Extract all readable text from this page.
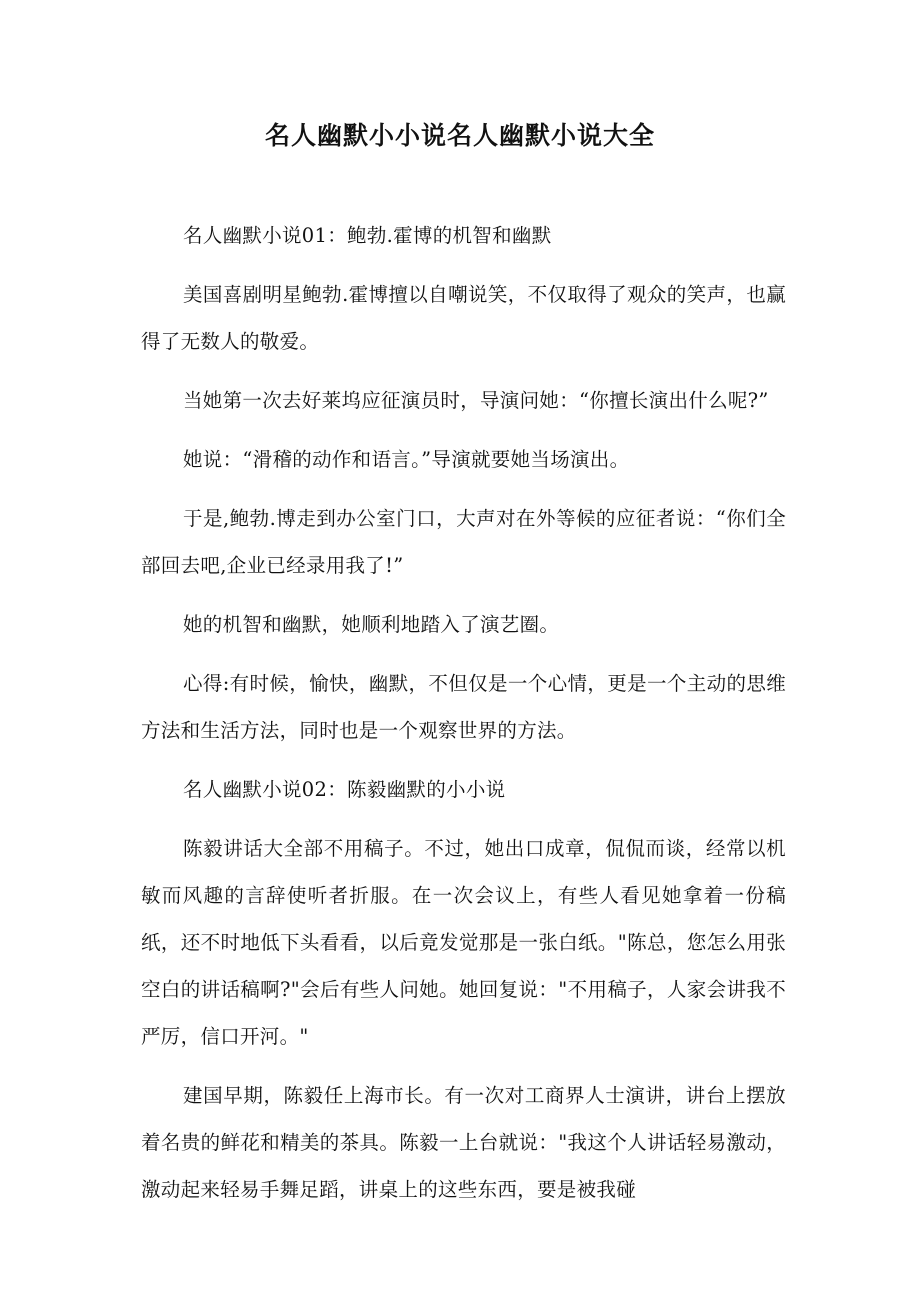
名人幽默小小说名人幽默小说大全

名人幽默小说01：鲍勃.霍博的机智和幽默

美国喜剧明星鲍勃.霍博擅以自嘲说笑，不仅取得了观众的笑声，也赢得了无数人的敬爱。

当她第一次去好莱坞应征演员时，导演问她：“你擅长演出什么呢?”

她说：“滑稽的动作和语言。”导演就要她当场演出。

于是,鲍勃.博走到办公室门口，大声对在外等候的应征者说：“你们全部回去吧,企业已经录用我了!”

她的机智和幽默，她顺利地踏入了演艺圈。

心得:有时候，愉快，幽默，不但仅是一个心情，更是一个主动的思维方法和生活方法，同时也是一个观察世界的方法。

名人幽默小说02：陈毅幽默的小小说

陈毅讲话大全部不用稿子。不过，她出口成章，侃侃而谈，经常以机敏而风趣的言辞使听者折服。在一次会议上，有些人看见她拿着一份稿纸，还不时地低下头看看，以后竟发觉那是一张白纸。"陈总，您怎么用张空白的讲话稿啊?"会后有些人问她。她回复说："不用稿子，人家会讲我不严厉，信口开河。"

建国早期，陈毅任上海市长。有一次对工商界人士演讲，讲台上摆放着名贵的鲜花和精美的茶具。陈毅一上台就说："我这个人讲话轻易激动，激动起来轻易手舞足蹈，讲桌上的这些东西，要是被我碰
